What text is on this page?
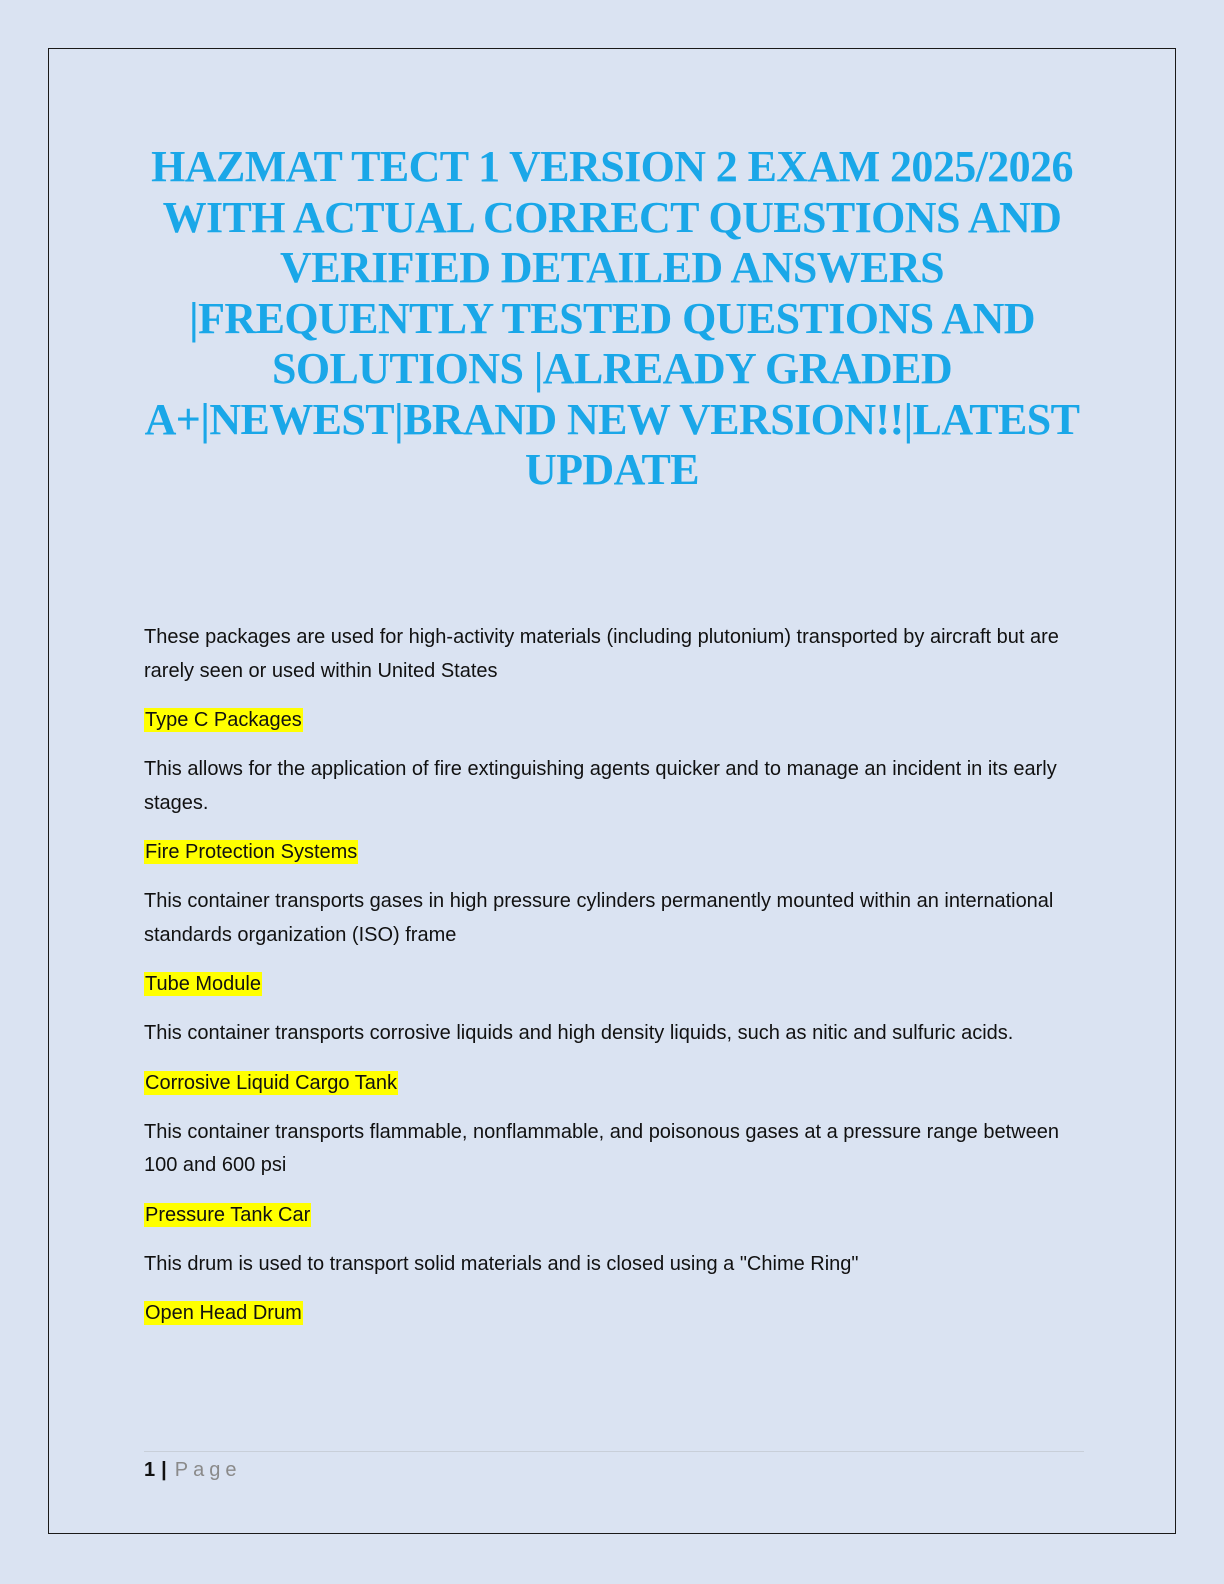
HAZMAT TECT 1 VERSION 2 EXAM 2025/2026 WITH ACTUAL CORRECT QUESTIONS AND VERIFIED DETAILED ANSWERS |FREQUENTLY TESTED QUESTIONS AND SOLUTIONS |ALREADY GRADED A+|NEWEST|BRAND NEW VERSION!!|LATEST UPDATE

These packages are used for high-activity materials (including plutonium) transported by aircraft but are rarely seen or used within United States

Type C Packages

This allows for the application of fire extinguishing agents quicker and to manage an incident in its early stages.

Fire Protection Systems

This container transports gases in high pressure cylinders permanently mounted within an international standards organization (ISO) frame

Tube Module

This container transports corrosive liquids and high density liquids, such as nitic and sulfuric acids.

Corrosive Liquid Cargo Tank

This container transports flammable, nonflammable, and poisonous gases at a pressure range between 100 and 600 psi

Pressure Tank Car

This drum is used to transport solid materials and is closed using a "Chime Ring"

Open Head Drum

1 | Page
